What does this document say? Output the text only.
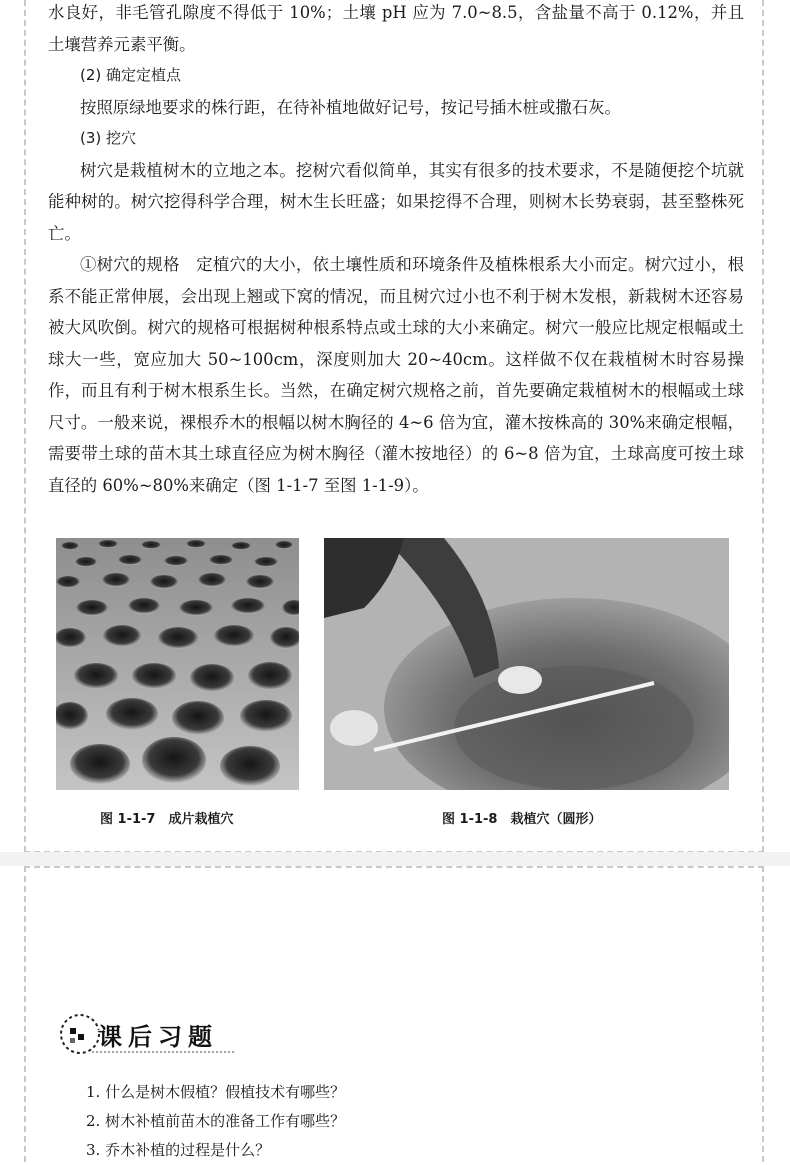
水良好，非毛管孔隙度不得低于 10%；土壤 pH 应为 7.0~8.5，含盐量不高于 0.12%，并且土壤营养元素平衡。

(2) 确定定植点

按照原绿地要求的株行距，在待补植地做好记号，按记号插木桩或撒石灰。

(3) 挖穴

树穴是栽植树木的立地之本。挖树穴看似简单，其实有很多的技术要求，不是随便挖个坑就能种树的。树穴挖得科学合理，树木生长旺盛；如果挖得不合理，则树木长势衰弱，甚至整株死亡。

①树穴的规格　定植穴的大小，依土壤性质和环境条件及植株根系大小而定。树穴过小，根系不能正常伸展，会出现上翘或下窝的情况，而且树穴过小也不利于树木发根，新栽树木还容易被大风吹倒。树穴的规格可根据树种根系特点或土球的大小来确定。树穴一般应比规定根幅或土球大一些，宽应加大 50~100cm，深度则加大 20~40cm。这样做不仅在栽植树木时容易操作，而且有利于树木根系生长。当然，在确定树穴规格之前，首先要确定栽植树木的根幅或土球尺寸。一般来说，裸根乔木的根幅以树木胸径的 4~6 倍为宜，灌木按株高的 30%来确定根幅，需要带土球的苗木其土球直径应为树木胸径（灌木按地径）的 6~8 倍为宜，土球高度可按土球直径的 60%~80%来确定（图 1-1-7 至图 1-1-9）。

图 1-1-7　成片栽植穴	图 1-1-8　栽植穴（圆形）
课后习题
1. 什么是树木假植？假植技术有哪些？
2. 树木补植前苗木的准备工作有哪些？
3. 乔木补植的过程是什么？
